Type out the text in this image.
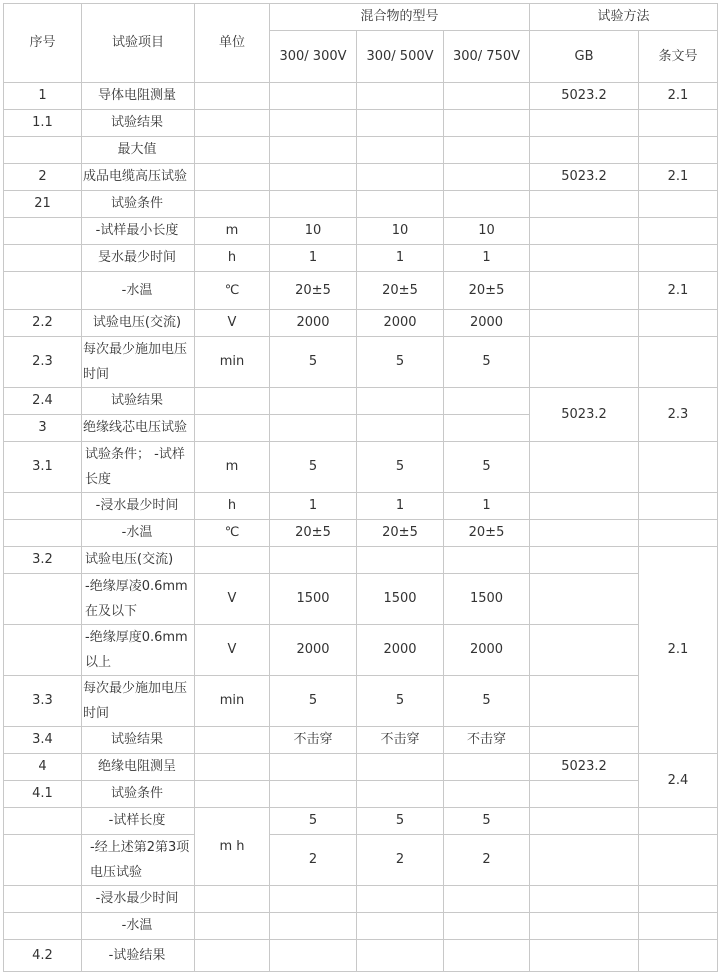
序号	试验项目	单位	混合物的型号			试验方法	
			300/ 300V	300/ 500V	300/ 750V	GB	条文号

1	导体电阻测量					5023.2	2.1
1.1	试验结果						
	最大值						
2	成品电缆高压试验					5023.2	2.1
21	试验条件						
	-试样最小长度	m	10	10	10		
	旻水最少时间	h	1	1	1		
	-水温	℃	20±5	20±5	20±5		2.1
2.2	试验电压(交流)	V	2000	2000	2000		
2.3	每次最少施加电压时间	min	5	5	5		
2.4	试验结果					5023.2	2.3
3	绝缘线芯电压试验						
3.1	试验条件； -试样长度	m	5	5	5		
	-浸水最少时间	h	1	1	1		
	-水温	℃	20±5	20±5	20±5		
3.2	试验电压(交流)						2.1
	-绝缘厚凌0.6mm 在及以下	V	1500	1500	1500		
	-绝缘厚度0.6mm 以上	V	2000	2000	2000		
3.3	每次最少施加电压时间	min	5	5	5		
3.4	试验结果		不击穿	不击穿	不击穿		
4	绝缘电阻测呈					5023.2	2.4
4.1	试验条件						
	-试样长度	m h	5	5	5		
	-经上述第2第3项 电压试验		2	2	2		
	-浸水最少时间						
	-水温						
4.2	-试验结果						
